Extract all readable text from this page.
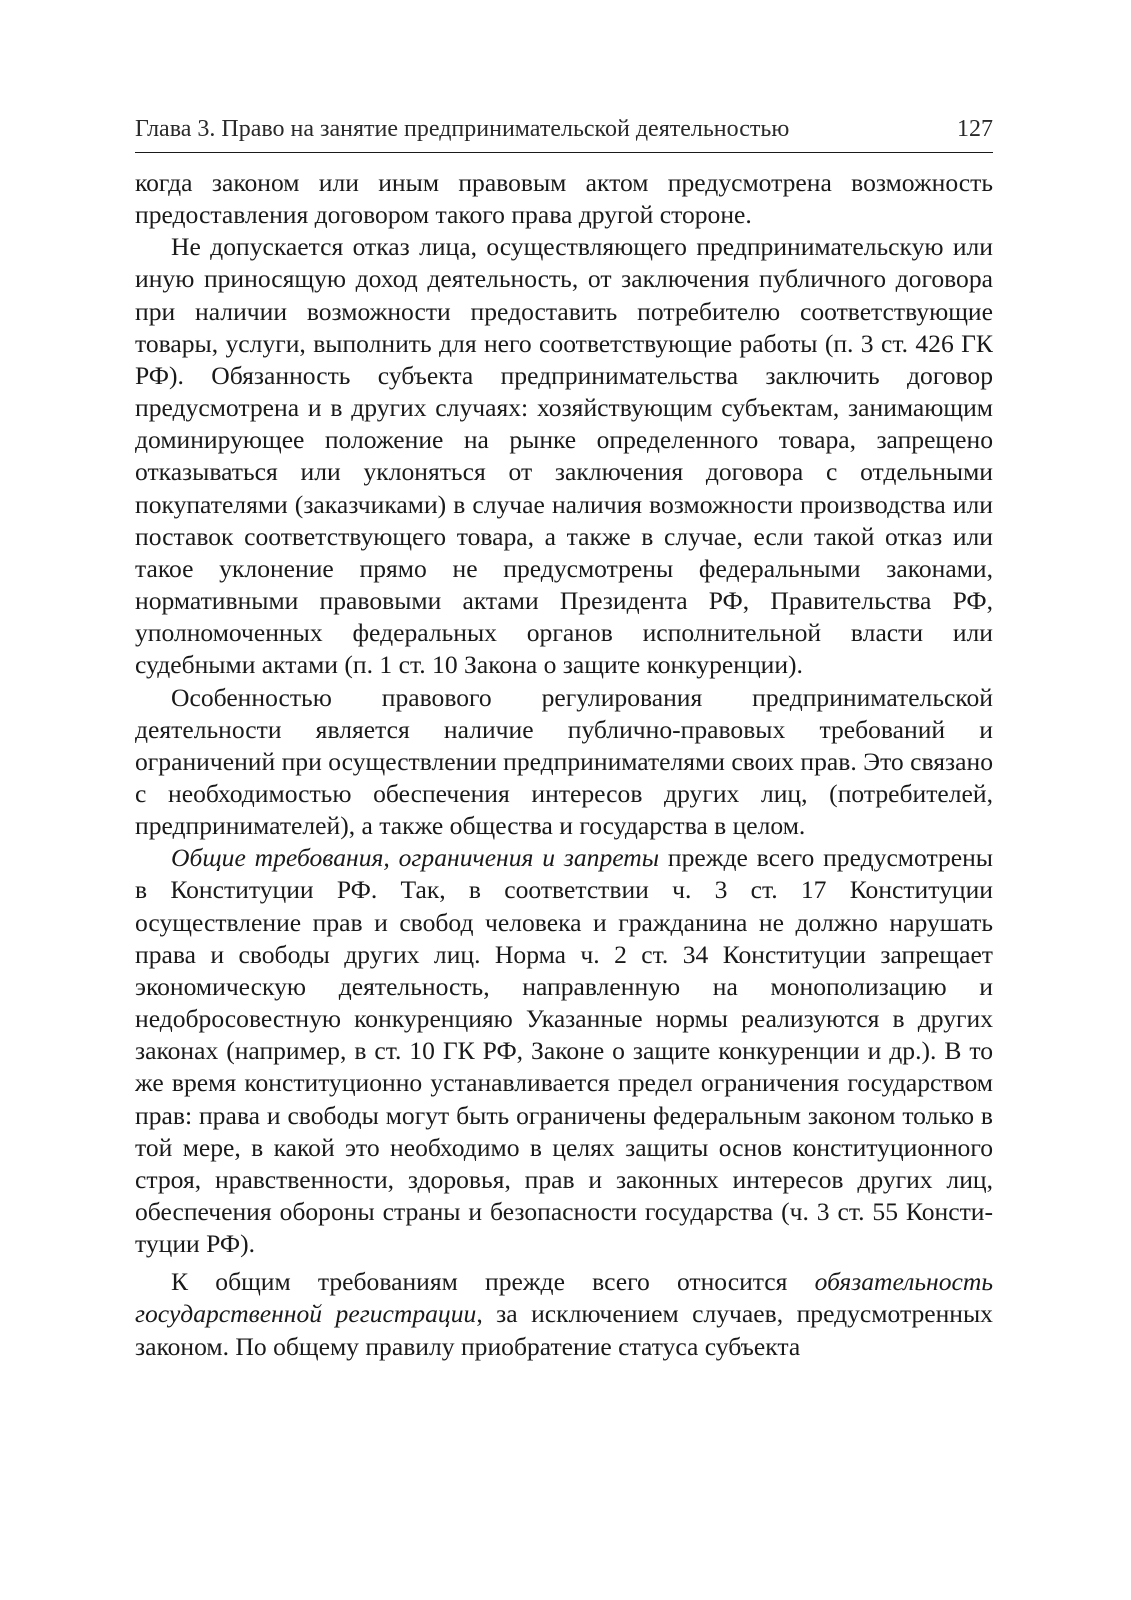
Глава 3. Право на занятие предпринимательской деятельностью	127

когда законом или иным правовым актом предусмотрена возможность предоставления договором такого права другой стороне.

Не допускается отказ лица, осуществляющего предпринимательскую или иную приносящую доход деятельность, от заключения публичного договора при наличии возможности предоставить потребителю соответствующие товары, услуги, выполнить для него соответствующие работы (п. 3 ст. 426 ГК РФ). Обязанность субъекта предпринимательства заключить договор предусмотрена и в других случаях: хозяйствующим субъектам, занимающим доминирующее положение на рынке определенного товара, запрещено отказываться или уклоняться от заключения договора с отдельными покупателями (заказчиками) в случае наличия возможности производства или поставок соответствующего товара, а также в случае, если такой отказ или такое уклонение прямо не предусмотрены федеральными законами, нормативными правовыми актами Президента РФ, Правительства РФ, уполномоченных федеральных органов исполнительной власти или судебными актами (п. 1 ст. 10 Закона о защите конкуренции).

Особенностью правового регулирования предпринимательской деятельности является наличие публично-правовых требований и ограничений при осуществлении предпринимателями своих прав. Это связано с необходимостью обеспечения интересов других лиц, (потребителей, предпринимателей), а также общества и государства в целом.

Общие требования, ограничения и запреты прежде всего предусмотрены в Конституции РФ. Так, в соответствии ч. 3 ст. 17 Конституции осуществление прав и свобод человека и гражданина не должно нарушать права и свободы других лиц. Норма ч. 2 ст. 34 Конституции запрещает экономическую деятельность, направленную на монополизацию и недобросовестную конкуренцияю Указанные нормы реализуются в других законах (например, в ст. 10 ГК РФ, Законе о защите конкуренции и др.). В то же время конституционно устанавливается предел ограничения государством прав: права и свободы могут быть ограничены федеральным законом только в той мере, в какой это необходимо в целях защиты основ конституционного строя, нравственности, здоровья, прав и законных интересов других лиц, обеспечения обороны страны и безопасности государства (ч. 3 ст. 55 Конституции РФ).

К общим требованиям прежде всего относится обязательность государственной регистрации, за исключением случаев, предусмотренных законом. По общему правилу приобратение статуса субъекта
